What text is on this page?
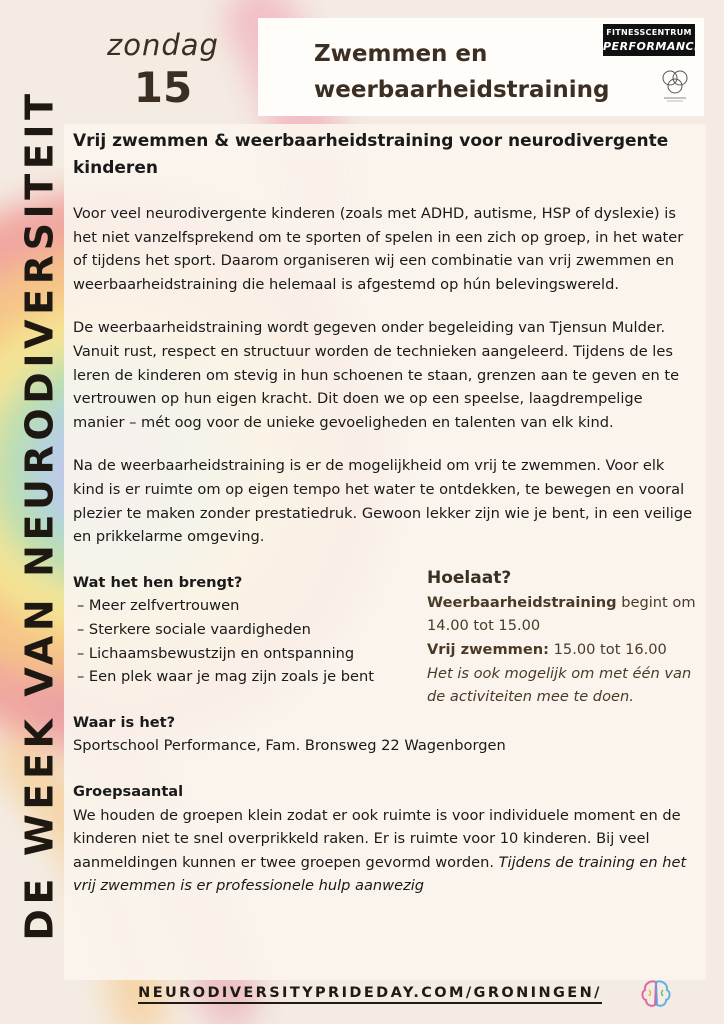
DE WEEK VAN NEURODIVERSITEIT
zondag
15
Zwemmen en
weerbaarheidstraining
FITNESSCENTRUM
PERFORMANCE

Vrij zwemmen & weerbaarheidstraining voor neurodivergente kinderen

Voor veel neurodivergente kinderen (zoals met ADHD, autisme, HSP of dyslexie) is het niet vanzelfsprekend om te sporten of spelen in een zich op groep, in het water of tijdens het sport. Daarom organiseren wij een combinatie van vrij zwemmen en weerbaarheidstraining die helemaal is afgestemd op hún belevingswereld.

De weerbaarheidstraining wordt gegeven onder begeleiding van Tjensun Mulder. Vanuit rust, respect en structuur worden de technieken aangeleerd. Tijdens de les leren de kinderen om stevig in hun schoenen te staan, grenzen aan te geven en te vertrouwen op hun eigen kracht. Dit doen we op een speelse, laagdrempelige manier – mét oog voor de unieke gevoeligheden en talenten van elk kind.

Na de weerbaarheidstraining is er de mogelijkheid om vrij te zwemmen. Voor elk kind is er ruimte om op eigen tempo het water te ontdekken, te bewegen en vooral plezier te maken zonder prestatiedruk. Gewoon lekker zijn wie je bent, in een veilige en prikkelarme omgeving.

Wat het hen brengt?

– Meer zelfvertrouwen
– Sterkere sociale vaardigheden
– Lichaamsbewustzijn en ontspanning
– Een plek waar je mag zijn zoals je bent

Hoelaat?

Weerbaarheidstraining begint om 14.00 tot 15.00

Vrij zwemmen: 15.00 tot 16.00

Het is ook mogelijk om met één van de activiteiten mee te doen.

Waar is het?

Sportschool Performance, Fam. Bronsweg 22 Wagenborgen

Groepsaantal

We houden de groepen klein zodat er ook ruimte is voor individuele moment en de kinderen niet te snel overprikkeld raken. Er is ruimte voor 10 kinderen. Bij veel aanmeldingen kunnen er twee groepen gevormd worden. Tijdens de training en het vrij zwemmen is er professionele hulp aanwezig

NEURODIVERSITYPRIDEDAY.COM/GRONINGEN/
